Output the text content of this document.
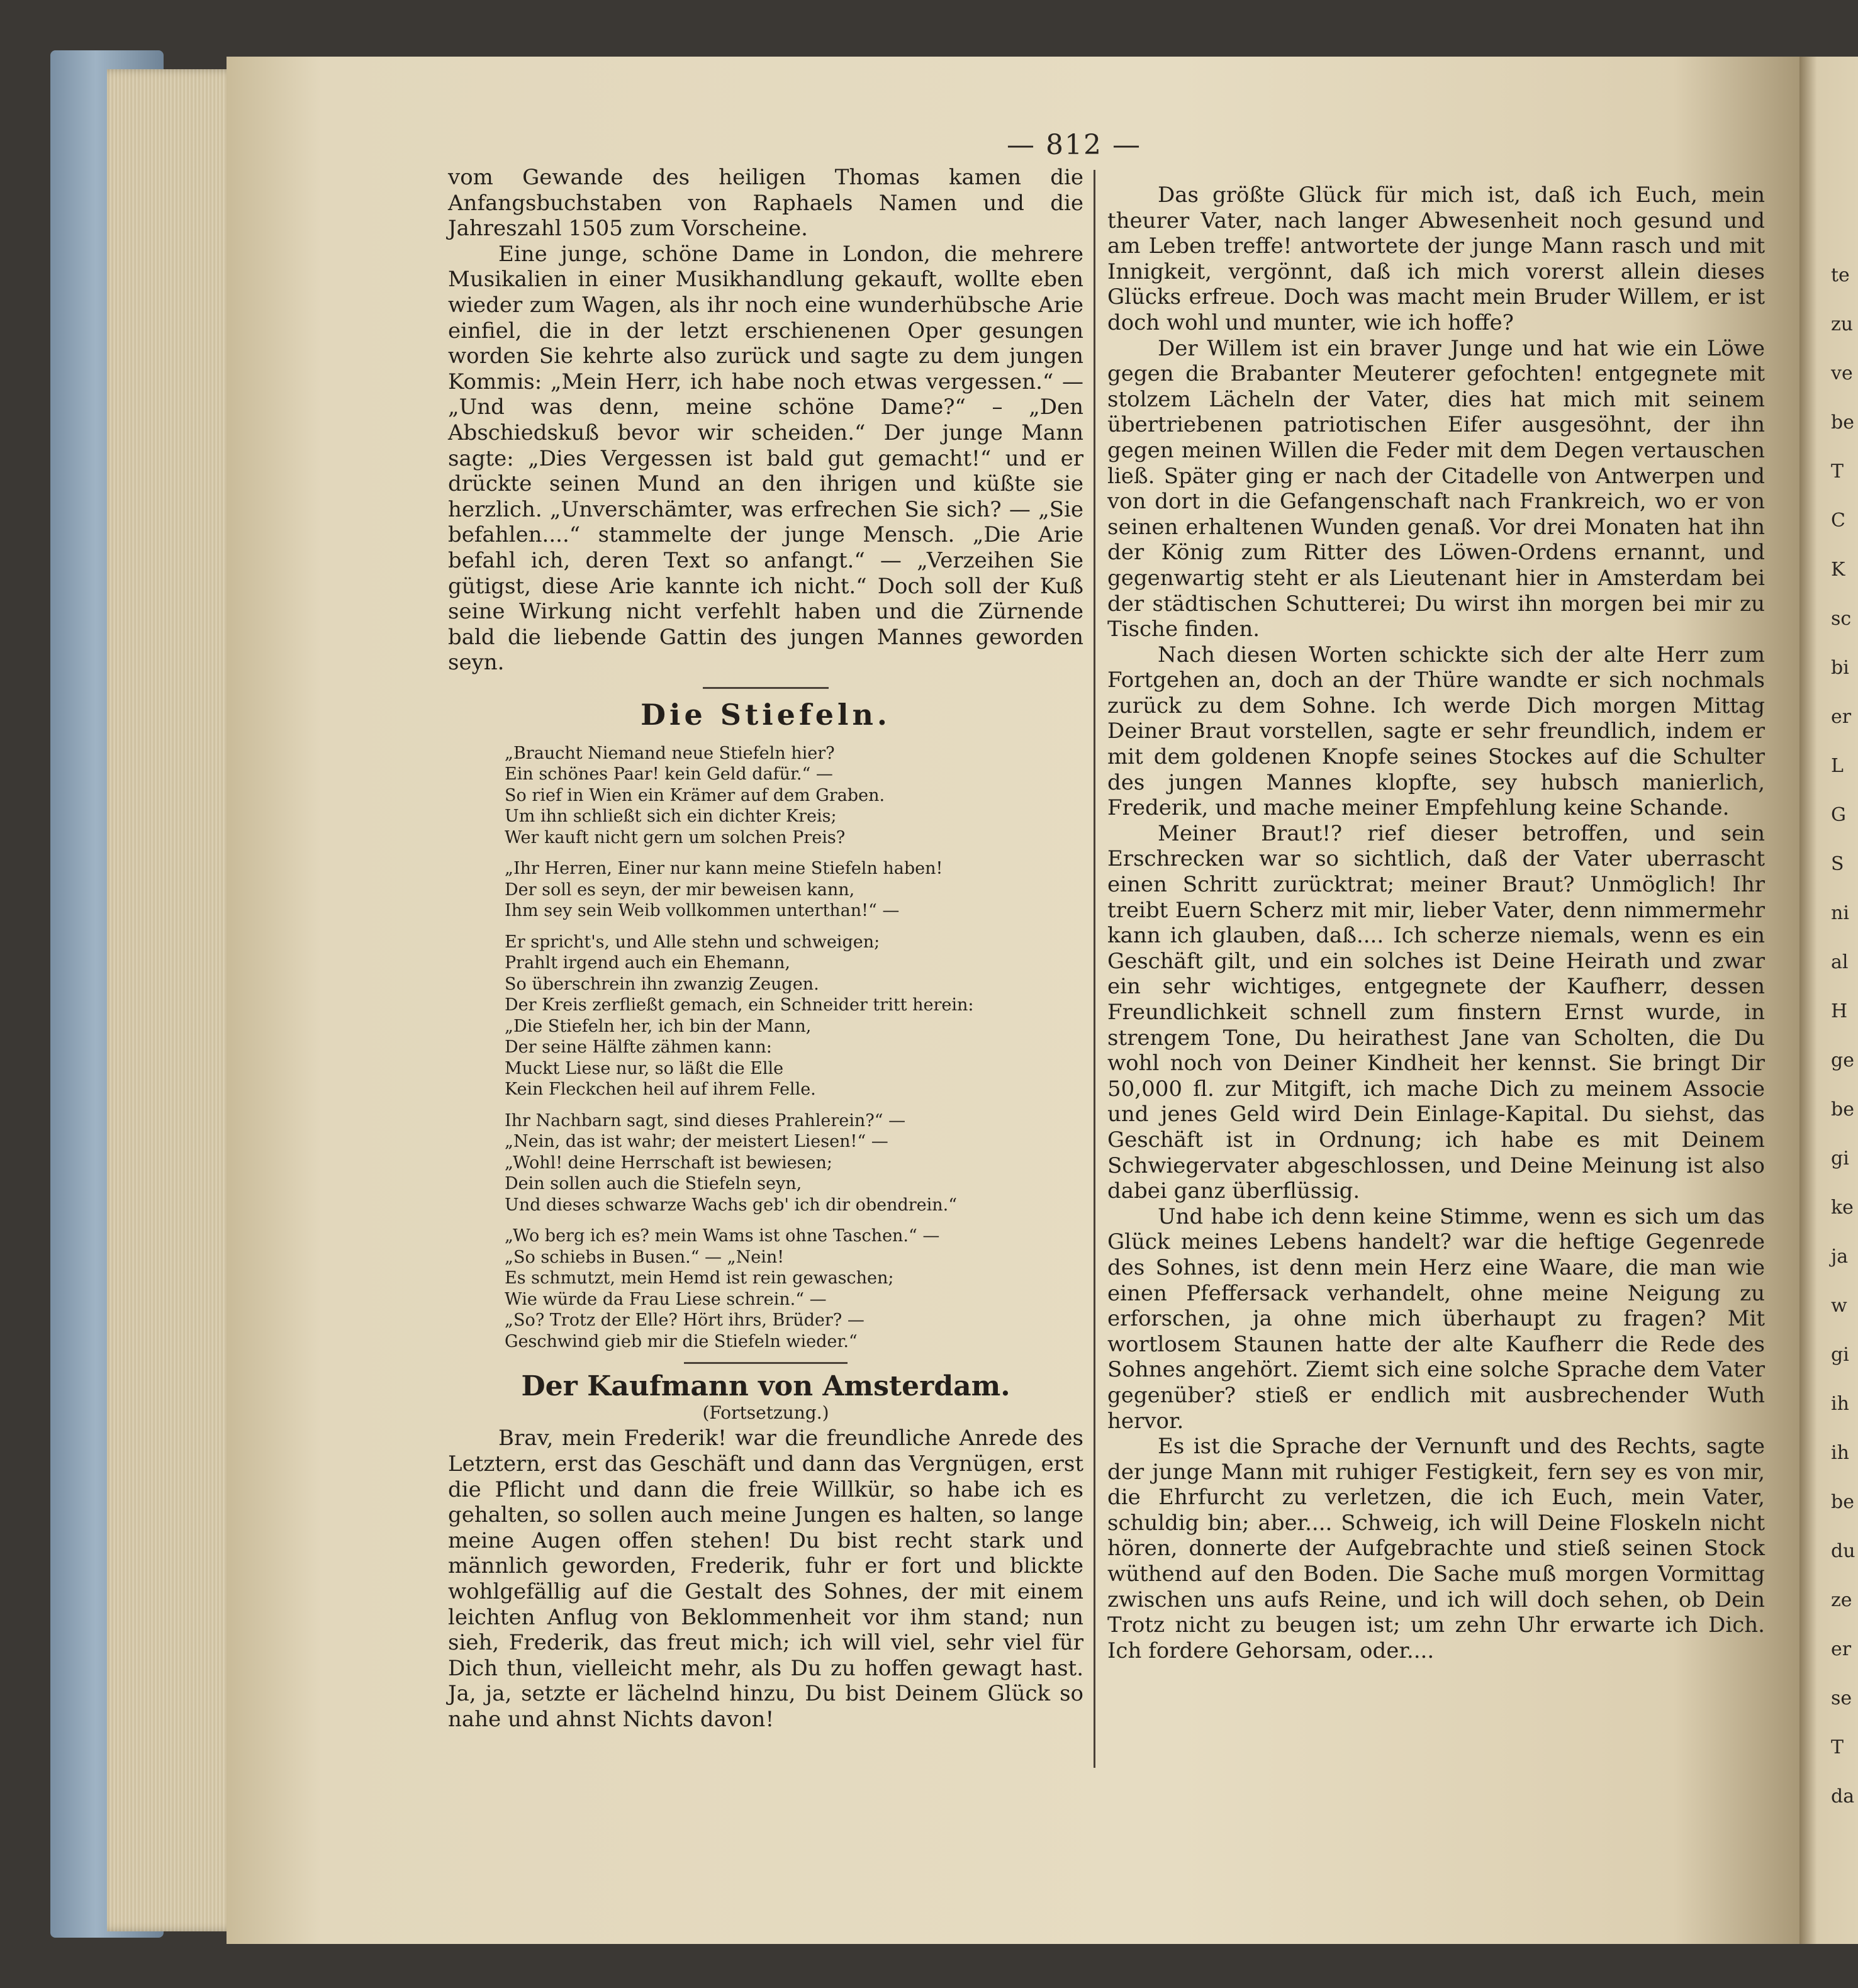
te
zu
ve
be
T
C
K
sc
bi
er
L
G
S
ni
al
H
ge
be
gi
ke
ja
w
gi
ih
ih
be
du
ze
er
se
T
da
— 812 —

vom Gewande des heiligen Thomas kamen die Anfangsbuchstaben von Raphaels Namen und die Jahreszahl 1505 zum Vorscheine.

Eine junge, schöne Dame in London, die mehrere Musikalien in einer Musikhandlung gekauft, wollte eben wieder zum Wagen, als ihr noch eine wunderhübsche Arie einfiel, die in der letzt erschienenen Oper gesungen worden Sie kehrte also zurück und sagte zu dem jungen Kommis: „Mein Herr, ich habe noch etwas vergessen.“ — „Und was denn, meine schöne Dame?“ – „Den Abschiedskuß bevor wir scheiden.“ Der junge Mann sagte: „Dies Vergessen ist bald gut gemacht!“ und er drückte seinen Mund an den ihrigen und küßte sie herzlich. „Unverschämter, was erfrechen Sie sich? — „Sie befahlen....“ stammelte der junge Mensch. „Die Arie befahl ich, deren Text so anfangt.“ — „Verzeihen Sie gütigst, diese Arie kannte ich nicht.“ Doch soll der Kuß seine Wirkung nicht verfehlt haben und die Zürnende bald die liebende Gattin des jungen Mannes geworden seyn.

Die Stiefeln.
„Braucht Niemand neue Stiefeln hier?
Ein schönes Paar! kein Geld dafür.“ —
So rief in Wien ein Krämer auf dem Graben.
Um ihn schließt sich ein dichter Kreis;
Wer kauft nicht gern um solchen Preis?
„Ihr Herren, Einer nur kann meine Stiefeln haben!
Der soll es seyn, der mir beweisen kann,
Ihm sey sein Weib vollkommen unterthan!“ —
Er spricht's, und Alle stehn und schweigen;
Prahlt irgend auch ein Ehemann,
So überschrein ihn zwanzig Zeugen.
Der Kreis zerfließt gemach, ein Schneider tritt herein:
„Die Stiefeln her, ich bin der Mann,
Der seine Hälfte zähmen kann:
Muckt Liese nur, so läßt die Elle
Kein Fleckchen heil auf ihrem Felle.
Ihr Nachbarn sagt, sind dieses Prahlerein?“ —
„Nein, das ist wahr; der meistert Liesen!“ —
„Wohl! deine Herrschaft ist bewiesen;
Dein sollen auch die Stiefeln seyn,
Und dieses schwarze Wachs geb' ich dir obendrein.“
„Wo berg ich es? mein Wams ist ohne Taschen.“ —
„So schiebs in Busen.“ — „Nein!
Es schmutzt, mein Hemd ist rein gewaschen;
Wie würde da Frau Liese schrein.“ —
„So? Trotz der Elle? Hört ihrs, Brüder? —
Geschwind gieb mir die Stiefeln wieder.“
Der Kaufmann von Amsterdam.
(Fortsetzung.)

Brav, mein Frederik! war die freundliche Anrede des Letztern, erst das Geschäft und dann das Vergnügen, erst die Pflicht und dann die freie Willkür, so habe ich es gehalten, so sollen auch meine Jungen es halten, so lange meine Augen offen stehen! Du bist recht stark und männlich geworden, Frederik, fuhr er fort und blickte wohlgefällig auf die Gestalt des Sohnes, der mit einem leichten Anflug von Beklommenheit vor ihm stand; nun sieh, Frederik, das freut mich; ich will viel, sehr viel für Dich thun, vielleicht mehr, als Du zu hoffen gewagt hast. Ja, ja, setzte er lächelnd hinzu, Du bist Deinem Glück so nahe und ahnst Nichts davon!

Das größte Glück für mich ist, daß ich Euch, mein theurer Vater, nach langer Abwesenheit noch gesund und am Leben treffe! antwortete der junge Mann rasch und mit Innigkeit, vergönnt, daß ich mich vorerst allein dieses Glücks erfreue. Doch was macht mein Bruder Willem, er ist doch wohl und munter, wie ich hoffe?

Der Willem ist ein braver Junge und hat wie ein Löwe gegen die Brabanter Meuterer gefochten! entgegnete mit stolzem Lächeln der Vater, dies hat mich mit seinem übertriebenen patriotischen Eifer ausgesöhnt, der ihn gegen meinen Willen die Feder mit dem Degen vertauschen ließ. Später ging er nach der Citadelle von Antwerpen und von dort in die Gefangenschaft nach Frankreich, wo er von seinen erhaltenen Wunden genaß. Vor drei Monaten hat ihn der König zum Ritter des Löwen-Ordens ernannt, und gegenwartig steht er als Lieutenant hier in Amsterdam bei der städtischen Schutterei; Du wirst ihn morgen bei mir zu Tische finden.

Nach diesen Worten schickte sich der alte Herr zum Fortgehen an, doch an der Thüre wandte er sich nochmals zurück zu dem Sohne. Ich werde Dich morgen Mittag Deiner Braut vorstellen, sagte er sehr freundlich, indem er mit dem goldenen Knopfe seines Stockes auf die Schulter des jungen Mannes klopfte, sey hubsch manierlich, Frederik, und mache meiner Empfehlung keine Schande.

Meiner Braut!? rief dieser betroffen, und sein Erschrecken war so sichtlich, daß der Vater uberrascht einen Schritt zurücktrat; meiner Braut? Unmöglich! Ihr treibt Euern Scherz mit mir, lieber Vater, denn nimmermehr kann ich glauben, daß.... Ich scherze niemals, wenn es ein Geschäft gilt, und ein solches ist Deine Heirath und zwar ein sehr wichtiges, entgegnete der Kaufherr, dessen Freundlichkeit schnell zum finstern Ernst wurde, in strengem Tone, Du heirathest Jane van Scholten, die Du wohl noch von Deiner Kindheit her kennst. Sie bringt Dir 50,000 fl. zur Mitgift, ich mache Dich zu meinem Associe und jenes Geld wird Dein Einlage-Kapital. Du siehst, das Geschäft ist in Ordnung; ich habe es mit Deinem Schwiegervater abgeschlossen, und Deine Meinung ist also dabei ganz überflüssig.

Und habe ich denn keine Stimme, wenn es sich um das Glück meines Lebens handelt? war die heftige Gegenrede des Sohnes, ist denn mein Herz eine Waare, die man wie einen Pfeffersack verhandelt, ohne meine Neigung zu erforschen, ja ohne mich überhaupt zu fragen? Mit wortlosem Staunen hatte der alte Kaufherr die Rede des Sohnes angehört. Ziemt sich eine solche Sprache dem Vater gegenüber? stieß er endlich mit ausbrechender Wuth hervor.

Es ist die Sprache der Vernunft und des Rechts, sagte der junge Mann mit ruhiger Festigkeit, fern sey es von mir, die Ehrfurcht zu verletzen, die ich Euch, mein Vater, schuldig bin; aber.... Schweig, ich will Deine Floskeln nicht hören, donnerte der Aufgebrachte und stieß seinen Stock wüthend auf den Boden. Die Sache muß morgen Vormittag zwischen uns aufs Reine, und ich will doch sehen, ob Dein Trotz nicht zu beugen ist; um zehn Uhr erwarte ich Dich. Ich fordere Gehorsam, oder....
